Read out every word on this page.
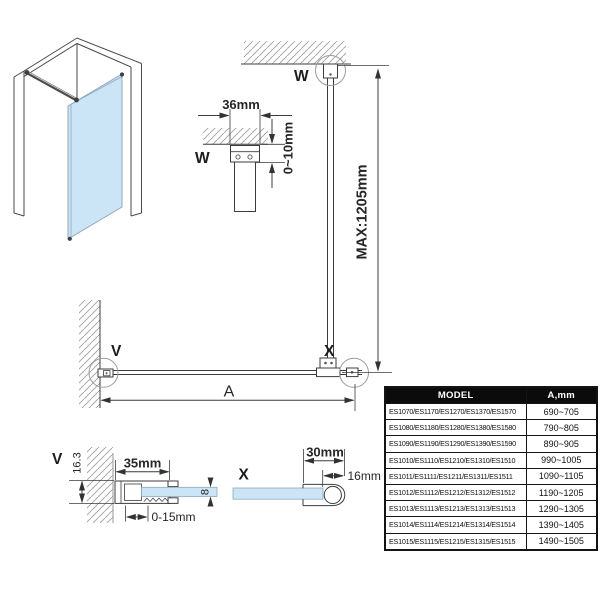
36mm
W	0~10mm
W
V	X
MAX:1205mm
A
V 16.3	35mm
8
0-15mm
X
30mm
16mm
MODEL	A,mm
ES1070/ES1170/ES1270/ES1370/ES1570	690~705
ES1080/ES1180/ES1280/ES1380/ES1580	790~805
ES1090/ES1190/ES1290/ES1390/ES1590	890~905
ES1010/ES1110/ES1210/ES1310/ES1510	990~1005
ES1011/ES1111/ES1211/ES1311/ES1511	1090~1105
ES1012/ES1112/ES1212/ES1312/ES1512	1190~1205
ES1013/ES1113/ES1213/ES1313/ES1513	1290~1305
ES1014/ES1114/ES1214/ES1314/ES1514	1390~1405
ES1015/ES1115/ES1215/ES1315/ES1515	1490~1505
